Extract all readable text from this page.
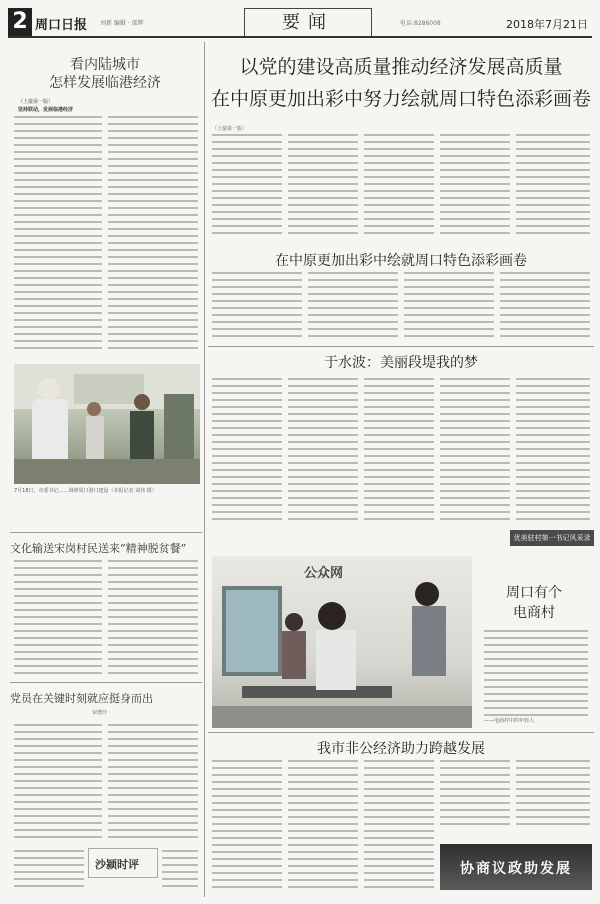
2 周口日报 刘新 编辑 · 邵辉	要闻	电话:8286008	2018年7月21日
看内陆城市
怎样发展临港经济
（上接第一版）
坚持联动，发展临港经济
7月18日，市委书记……调研周口港口建设（本报记者 刘伟 摄）
文化输送宋岗村民送来“精神脱贫餐”
党员在关键时刻就应挺身而出
宋增玲
沙颍时评
以党的建设高质量推动经济发展高质量
在中原更加出彩中努力绘就周口特色添彩画卷
（上接第一版）
在中原更加出彩中绘就周口特色添彩画卷
于水波：美丽段堤我的梦
优美驻村第一书记风采录
公众网
周口有个
电商村
——电商村中的年轻人
我市非公经济助力跨越发展
协商议政助发展
